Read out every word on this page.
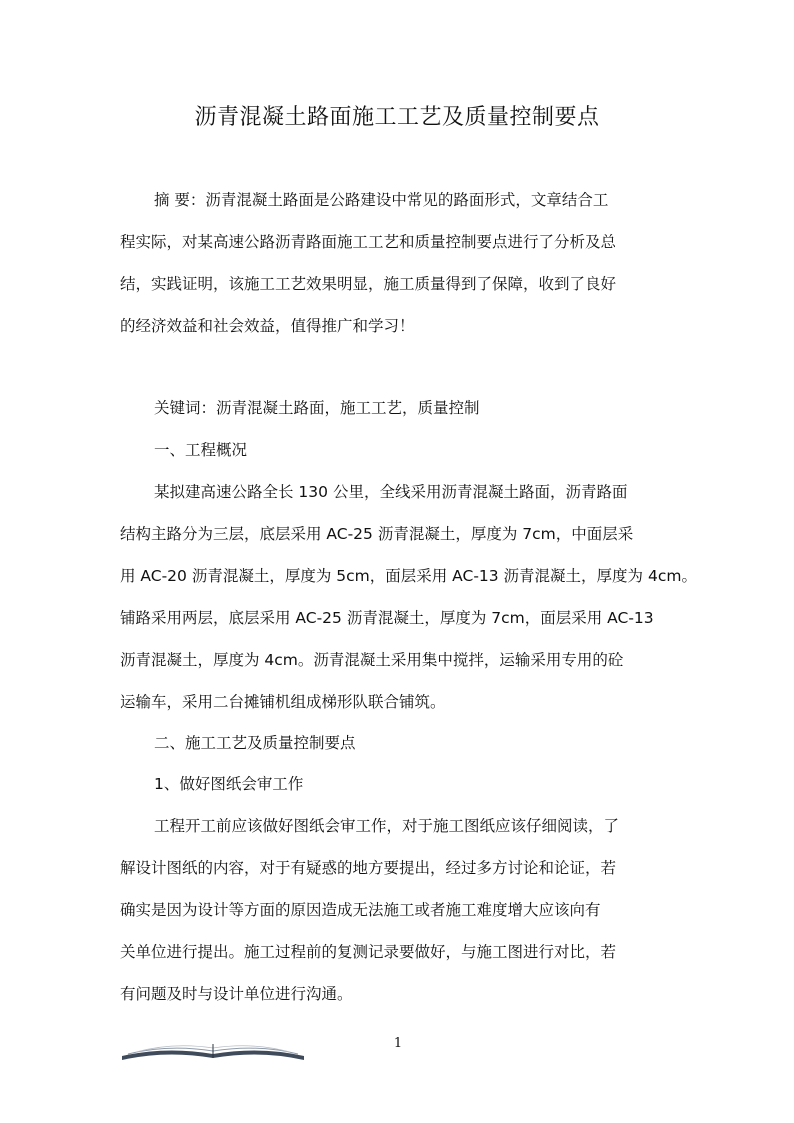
沥青混凝土路面施工工艺及质量控制要点
摘 要：沥青混凝土路面是公路建设中常见的路面形式，文章结合工
程实际，对某高速公路沥青路面施工工艺和质量控制要点进行了分析及总
结，实践证明，该施工工艺效果明显，施工质量得到了保障，收到了良好
的经济效益和社会效益，值得推广和学习！
关键词：沥青混凝土路面，施工工艺，质量控制
一、工程概况
某拟建高速公路全长 130 公里，全线采用沥青混凝土路面，沥青路面
结构主路分为三层，底层采用 AC-25 沥青混凝土，厚度为 7cm，中面层采
用 AC-20 沥青混凝土，厚度为 5cm，面层采用 AC-13 沥青混凝土，厚度为 4cm。
铺路采用两层，底层采用 AC-25 沥青混凝土，厚度为 7cm，面层采用 AC-13
沥青混凝土，厚度为 4cm。沥青混凝土采用集中搅拌，运输采用专用的砼
运输车，采用二台摊铺机组成梯形队联合铺筑。
二、施工工艺及质量控制要点
1、做好图纸会审工作
工程开工前应该做好图纸会审工作，对于施工图纸应该仔细阅读，了
解设计图纸的内容，对于有疑惑的地方要提出，经过多方讨论和论证，若
确实是因为设计等方面的原因造成无法施工或者施工难度增大应该向有
关单位进行提出。施工过程前的复测记录要做好，与施工图进行对比，若
有问题及时与设计单位进行沟通。
1
